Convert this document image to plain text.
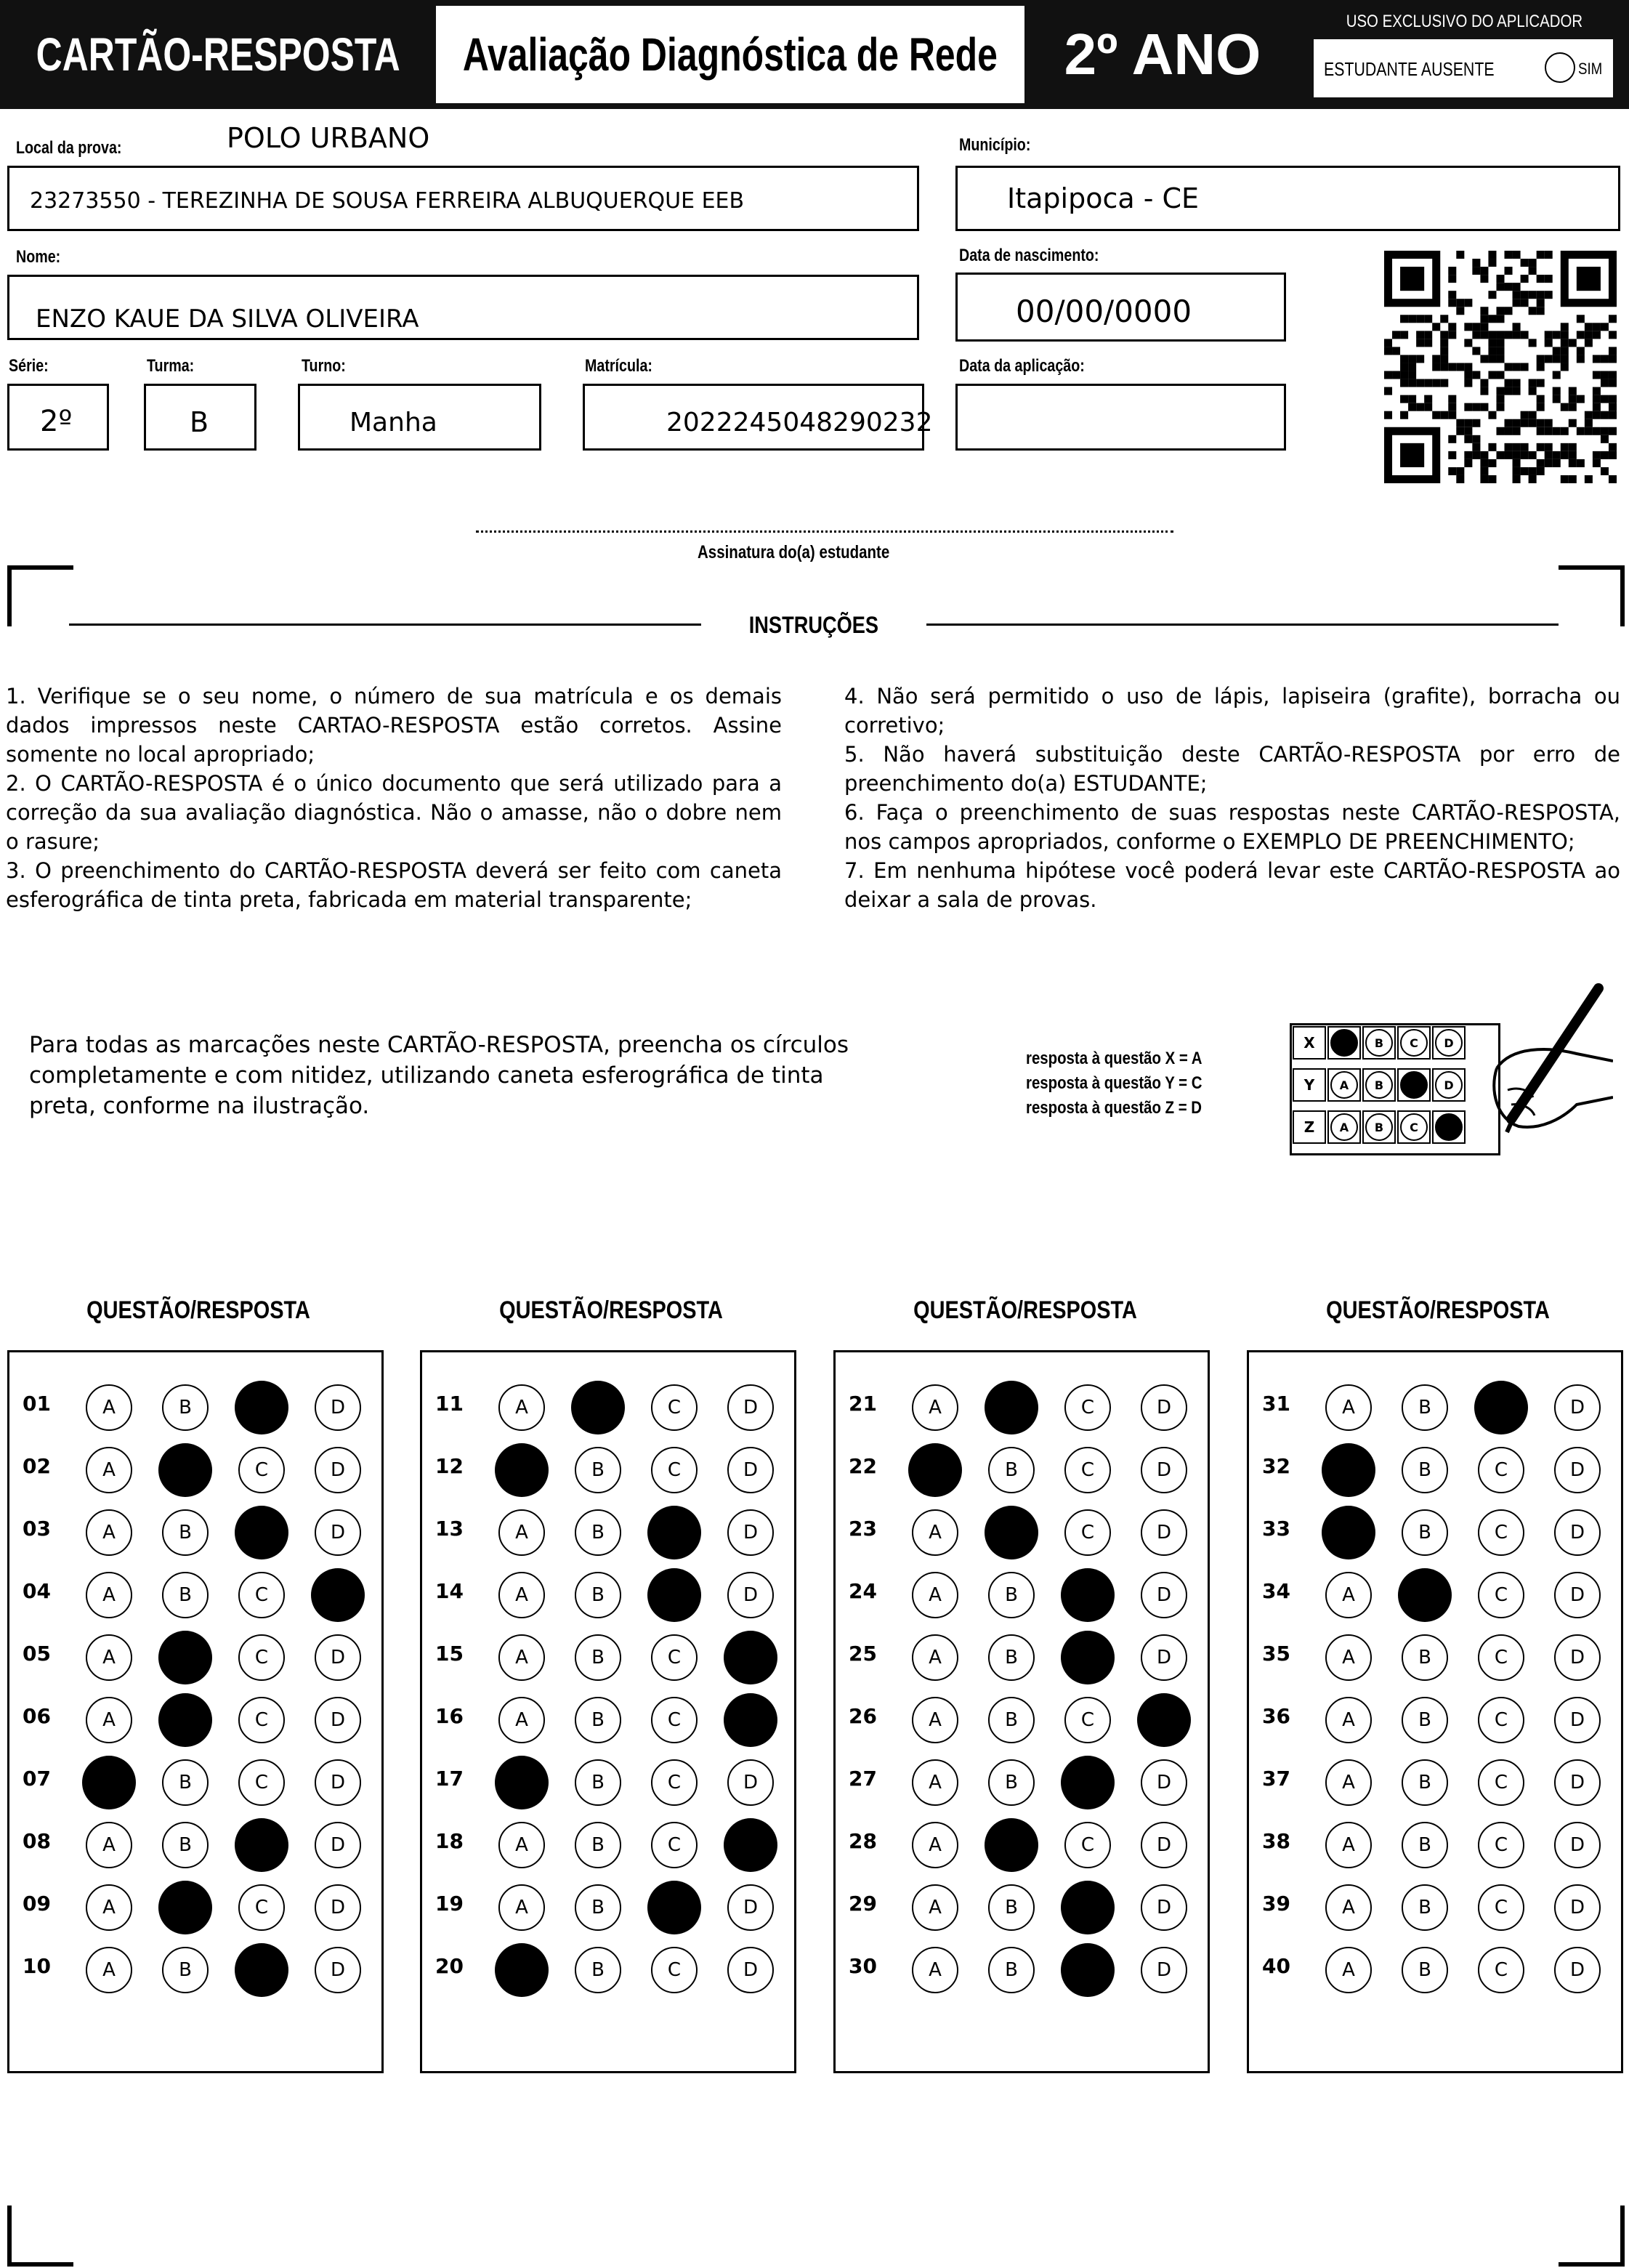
CARTÃO-RESPOSTA Avaliação Diagnóstica de Rede 2º ANO
USO EXCLUSIVO DO APLICADOR
ESTUDANTE AUSENTE	SIM
Local da prova:	POLO URBANO
23273550 - TEREZINHA DE SOUSA FERREIRA ALBUQUERQUE EEB
Município:
Itapipoca - CE
Nome:
ENZO KAUE DA SILVA OLIVEIRA
Data de nascimento:
00/00/0000
Série:
2º
Turma:
B
Turno:
Manha
Matrícula:
2022245048290232
Data da aplicação:
Assinatura do(a) estudante
INSTRUÇÕES

1. Verifique se o seu nome, o número de sua matrícula e os demais dados impressos neste CARTAO-RESPOSTA estão corretos. Assine somente no local apropriado;

2. O CARTÃO-RESPOSTA é o único documento que será utilizado para a correção da sua avaliação diagnóstica. Não o amasse, não o dobre nem o rasure;

3. O preenchimento do CARTÃO-RESPOSTA deverá ser feito com caneta esferográfica de tinta preta, fabricada em material transparente;

4. Não será permitido o uso de lápis, lapiseira (grafite), borracha ou corretivo;

5. Não haverá substituição deste CARTÃO-RESPOSTA por erro de preenchimento do(a) ESTUDANTE;

6. Faça o preenchimento de suas respostas neste CARTÃO-RESPOSTA, nos campos apropriados, conforme o EXEMPLO DE PREENCHIMENTO;

7. Em nenhuma hipótese você poderá levar este CARTÃO-RESPOSTA ao deixar a sala de provas.

Para todas as marcações neste CARTÃO-RESPOSTA, preencha os círculos completamente e com nitidez, utilizando caneta esferográfica de tinta preta, conforme na ilustração.

resposta à questão X = A
resposta à questão Y = C
resposta à questão Z = D
X	B	C	D
Y	A	B	D
Z	A	B	C
QUESTÃO/RESPOSTA
01	A	B	D
02	A	C	D
03	A	B	D
04	A	B	C
05	A	C	D
06	A	C	D
07	B	C	D
08	A	B	D
09	A	C	D
10	A	B	D
QUESTÃO/RESPOSTA
11	A	C	D
12	B	C	D
13	A	B	D
14	A	B	D
15	A	B	C
16	A	B	C
17	B	C	D
18	A	B	C
19	A	B	D
20	B	C	D
QUESTÃO/RESPOSTA
21	A	C	D
22	B	C	D
23	A	C	D
24	A	B	D
25	A	B	D
26	A	B	C
27	A	B	D
28	A	C	D
29	A	B	D
30	A	B	D
QUESTÃO/RESPOSTA
31	A	B	D
32	B	C	D
33	B	C	D
34	A	C	D
35	A	B	C	D
36	A	B	C	D
37	A	B	C	D
38	A	B	C	D
39	A	B	C	D
40	A	B	C	D
